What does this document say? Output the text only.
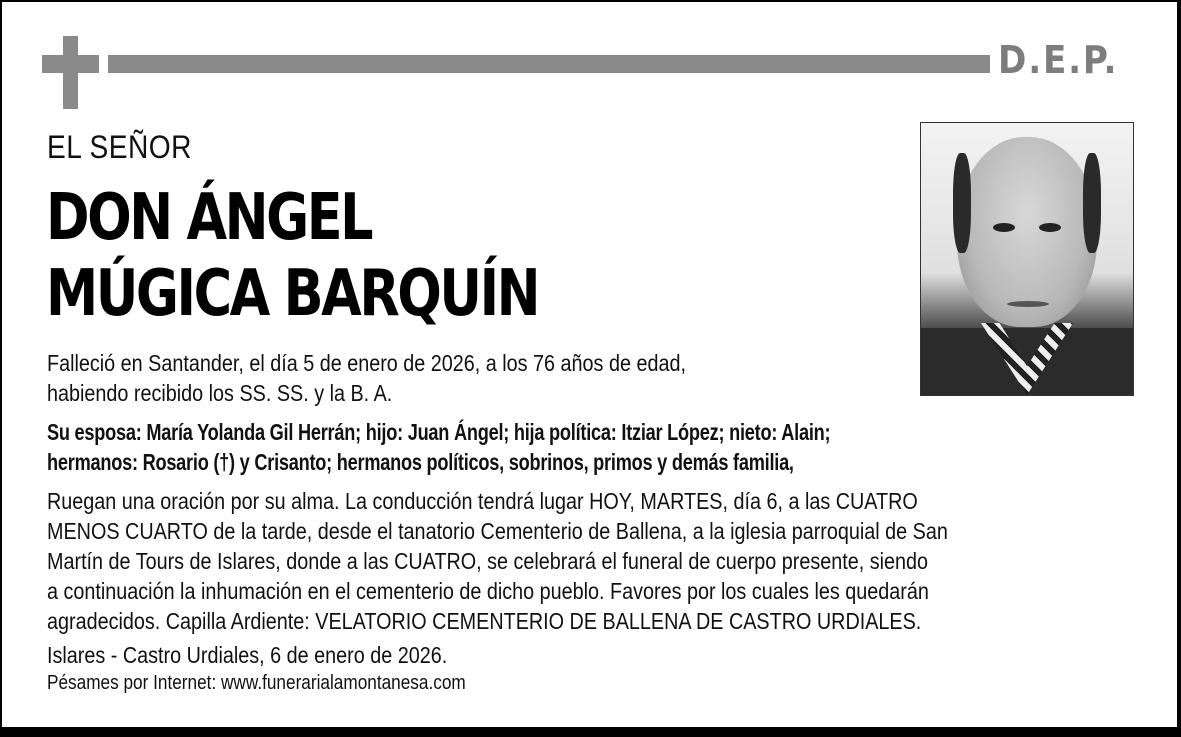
D.E.P.
EL SEÑOR
DON ÁNGEL
MÚGICA BARQUÍN
Falleció en Santander, el día 5 de enero de 2026, a los 76 años de edad,
habiendo recibido los SS. SS. y la B. A.
Su esposa: María Yolanda Gil Herrán; hijo: Juan Ángel; hija política: Itziar López; nieto: Alain;
hermanos: Rosario (†) y Crisanto; hermanos políticos, sobrinos, primos y demás familia,
Ruegan una oración por su alma. La conducción tendrá lugar HOY, MARTES, día 6, a las CUATRO
MENOS CUARTO de la tarde, desde el tanatorio Cementerio de Ballena, a la iglesia parroquial de San
Martín de Tours de Islares, donde a las CUATRO, se celebrará el funeral de cuerpo presente, siendo
a continuación la inhumación en el cementerio de dicho pueblo. Favores por los cuales les quedarán
agradecidos. Capilla Ardiente: VELATORIO CEMENTERIO DE BALLENA DE CASTRO URDIALES.
Islares - Castro Urdiales, 6 de enero de 2026.
Pésames por Internet: www.funerarialamontanesa.com
